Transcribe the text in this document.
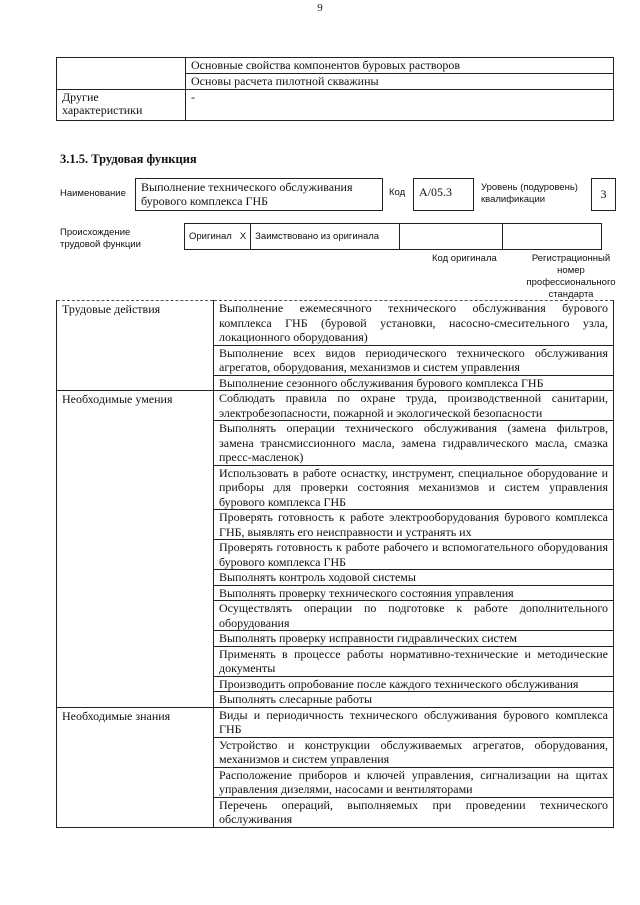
9
	Основные свойства компонентов буровых растворов
	Основы расчета пилотной скважины
Другие характеристики	-
3.1.5. Трудовая функция
Наименование	Выполнение технического обслуживания бурового комплекса ГНБ
Код	A/05.3	Уровень (подуровень) квалификации	3
Происхождение трудовой функции
Оригинал	X	Заимствовано из оригинала		
Код оригинала	Регистрационный номер профессионального стандарта
Трудовые действия	Выполнение ежемесячного технического обслуживания бурового комплекса ГНБ (буровой установки, насосно-смесительного узла, локационного оборудования)
	Выполнение всех видов периодического технического обслуживания агрегатов, оборудования, механизмов и систем управления
	Выполнение сезонного обслуживания бурового комплекса ГНБ
Необходимые умения	Соблюдать правила по охране труда, производственной санитарии, электробезопасности, пожарной и экологической безопасности
	Выполнять операции технического обслуживания (замена фильтров, замена трансмиссионного масла, замена гидравлического масла, смазка пресс-масленок)
	Использовать в работе оснастку, инструмент, специальное оборудование и приборы для проверки состояния механизмов и систем управления бурового комплекса ГНБ
	Проверять готовность к работе электрооборудования бурового комплекса ГНБ, выявлять его неисправности и устранять их
	Проверять готовность к работе рабочего и вспомогательного оборудования бурового комплекса ГНБ
	Выполнять контроль ходовой системы
	Выполнять проверку технического состояния управления
	Осуществлять операции по подготовке к работе дополнительного оборудования
	Выполнять проверку исправности гидравлических систем
	Применять в процессе работы нормативно-технические и методические документы
	Производить опробование после каждого технического обслуживания
	Выполнять слесарные работы
Необходимые знания	Виды и периодичность технического обслуживания бурового комплекса ГНБ
	Устройство и конструкции обслуживаемых агрегатов, оборудования, механизмов и систем управления
	Расположение приборов и ключей управления, сигнализации на щитах управления дизелями, насосами и вентиляторами
	Перечень операций, выполняемых при проведении технического обслуживания
